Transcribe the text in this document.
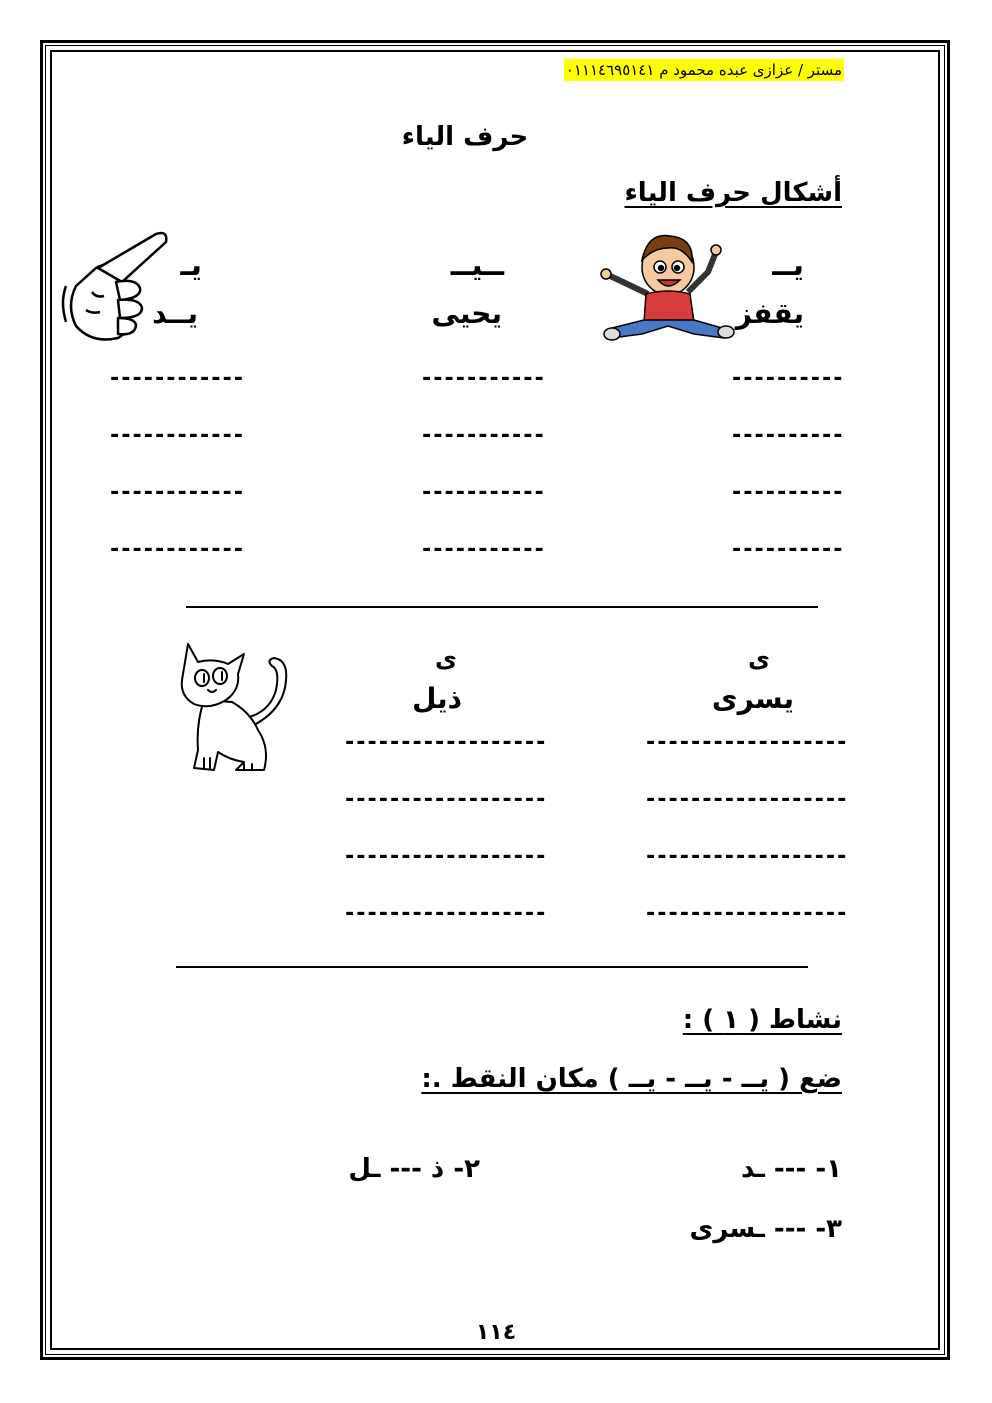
مستر / عزازى عبده محمود م ٠١١١٤٦٩٥١٤١
حرف الياء
أشكال حرف الياء
يــ
يقفز
ــيــ
يحيى
يـ
يــد
----------
-----------
------------
----------
-----------
------------
----------
-----------
------------
----------
-----------
------------
ى
يسرى
ى
ذيل
------------------
------------------
------------------
------------------
------------------
------------------
------------------
------------------
نشاط ( ١ ) :
ضع ( يــ - يــ - يــ ) مكان النقط .:
١- --- ـد
٢- ذ --- ـل
٣- --- ـسرى
١١٤
